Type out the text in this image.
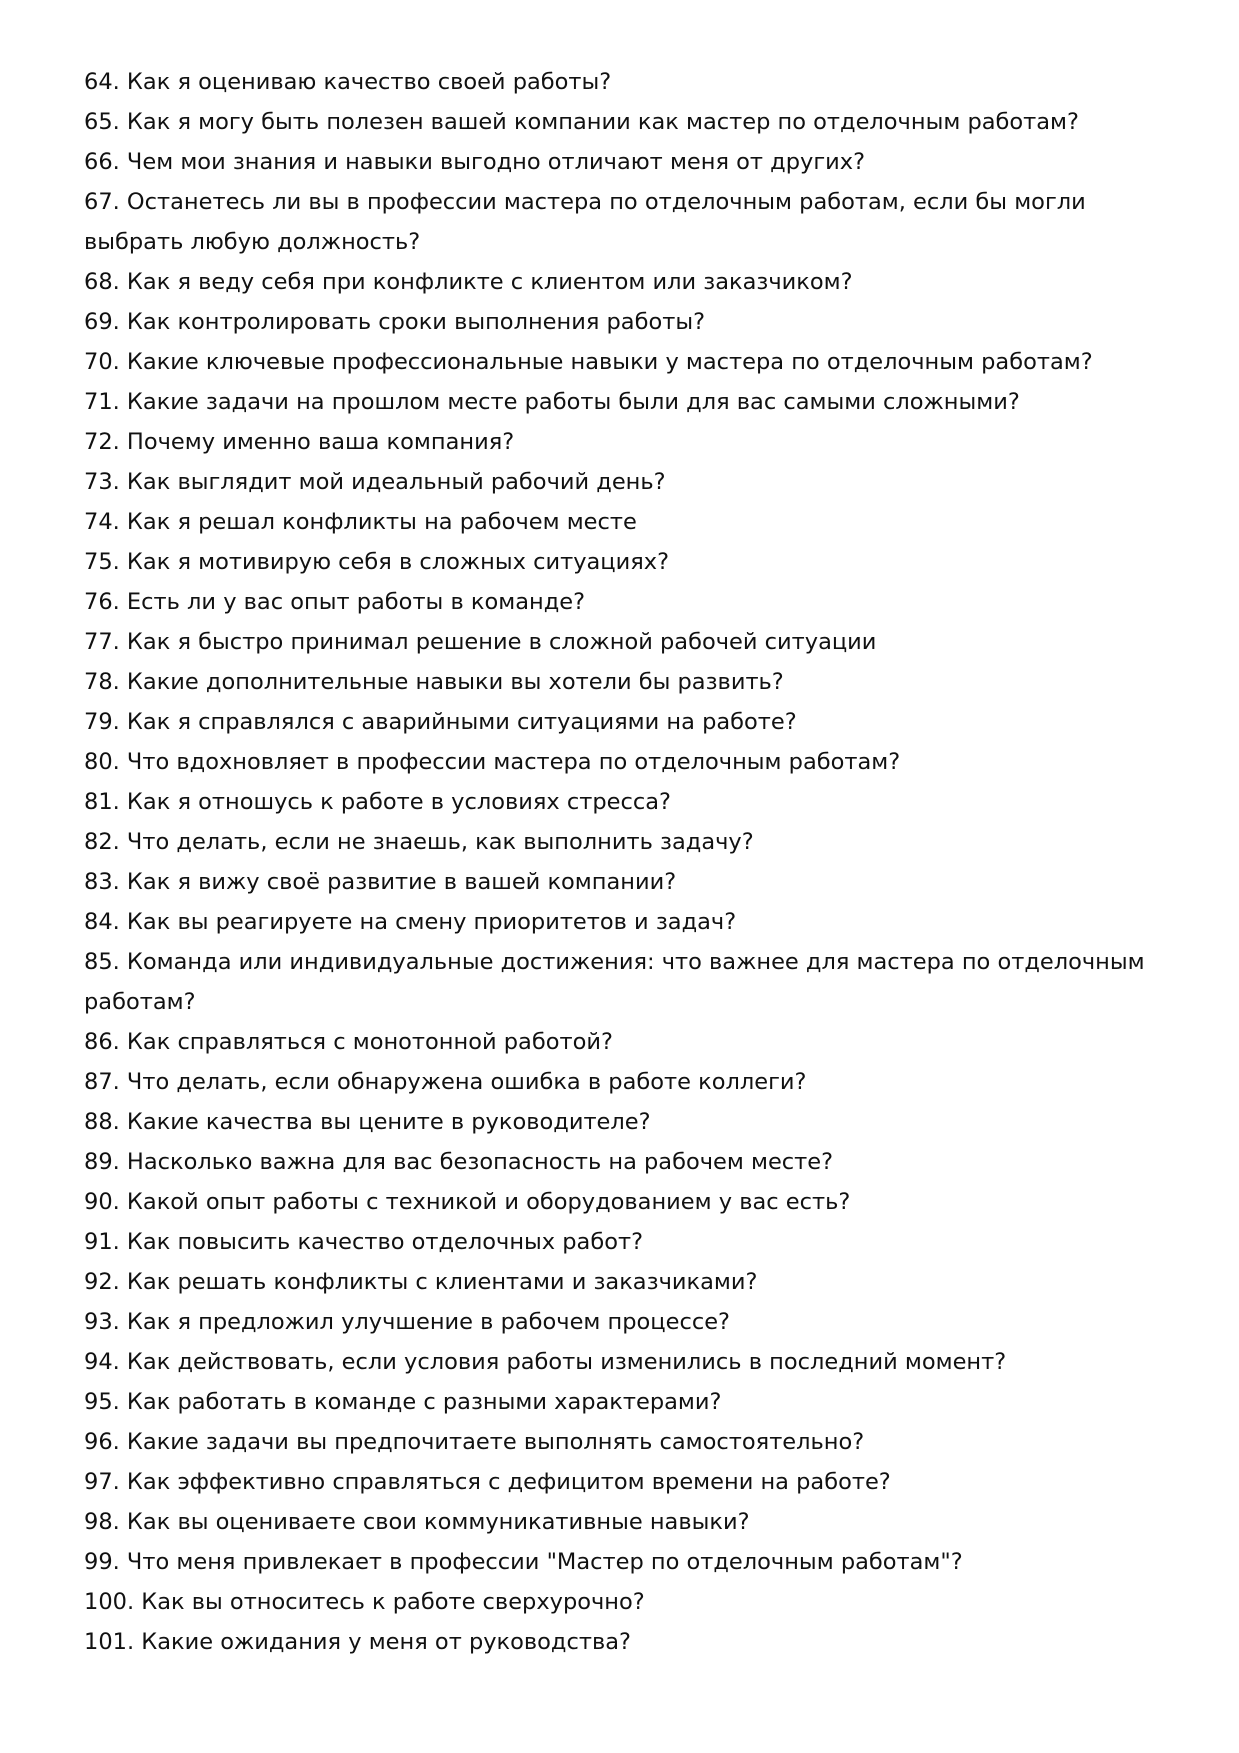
64. Как я оцениваю качество своей работы?

65. Как я могу быть полезен вашей компании как мастер по отделочным работам?

66. Чем мои знания и навыки выгодно отличают меня от других?

67. Останетесь ли вы в профессии мастера по отделочным работам, если бы могли выбрать любую должность?

68. Как я веду себя при конфликте с клиентом или заказчиком?

69. Как контролировать сроки выполнения работы?

70. Какие ключевые профессиональные навыки у мастера по отделочным работам?

71. Какие задачи на прошлом месте работы были для вас самыми сложными?

72. Почему именно ваша компания?

73. Как выглядит мой идеальный рабочий день?

74. Как я решал конфликты на рабочем месте

75. Как я мотивирую себя в сложных ситуациях?

76. Есть ли у вас опыт работы в команде?

77. Как я быстро принимал решение в сложной рабочей ситуации

78. Какие дополнительные навыки вы хотели бы развить?

79. Как я справлялся с аварийными ситуациями на работе?

80. Что вдохновляет в профессии мастера по отделочным работам?

81. Как я отношусь к работе в условиях стресса?

82. Что делать, если не знаешь, как выполнить задачу?

83. Как я вижу своё развитие в вашей компании?

84. Как вы реагируете на смену приоритетов и задач?

85. Команда или индивидуальные достижения: что важнее для мастера по отделочным работам?

86. Как справляться с монотонной работой?

87. Что делать, если обнаружена ошибка в работе коллеги?

88. Какие качества вы цените в руководителе?

89. Насколько важна для вас безопасность на рабочем месте?

90. Какой опыт работы с техникой и оборудованием у вас есть?

91. Как повысить качество отделочных работ?

92. Как решать конфликты с клиентами и заказчиками?

93. Как я предложил улучшение в рабочем процессе?

94. Как действовать, если условия работы изменились в последний момент?

95. Как работать в команде с разными характерами?

96. Какие задачи вы предпочитаете выполнять самостоятельно?

97. Как эффективно справляться с дефицитом времени на работе?

98. Как вы оцениваете свои коммуникативные навыки?

99. Что меня привлекает в профессии "Мастер по отделочным работам"?

100. Как вы относитесь к работе сверхурочно?

101. Какие ожидания у меня от руководства?
